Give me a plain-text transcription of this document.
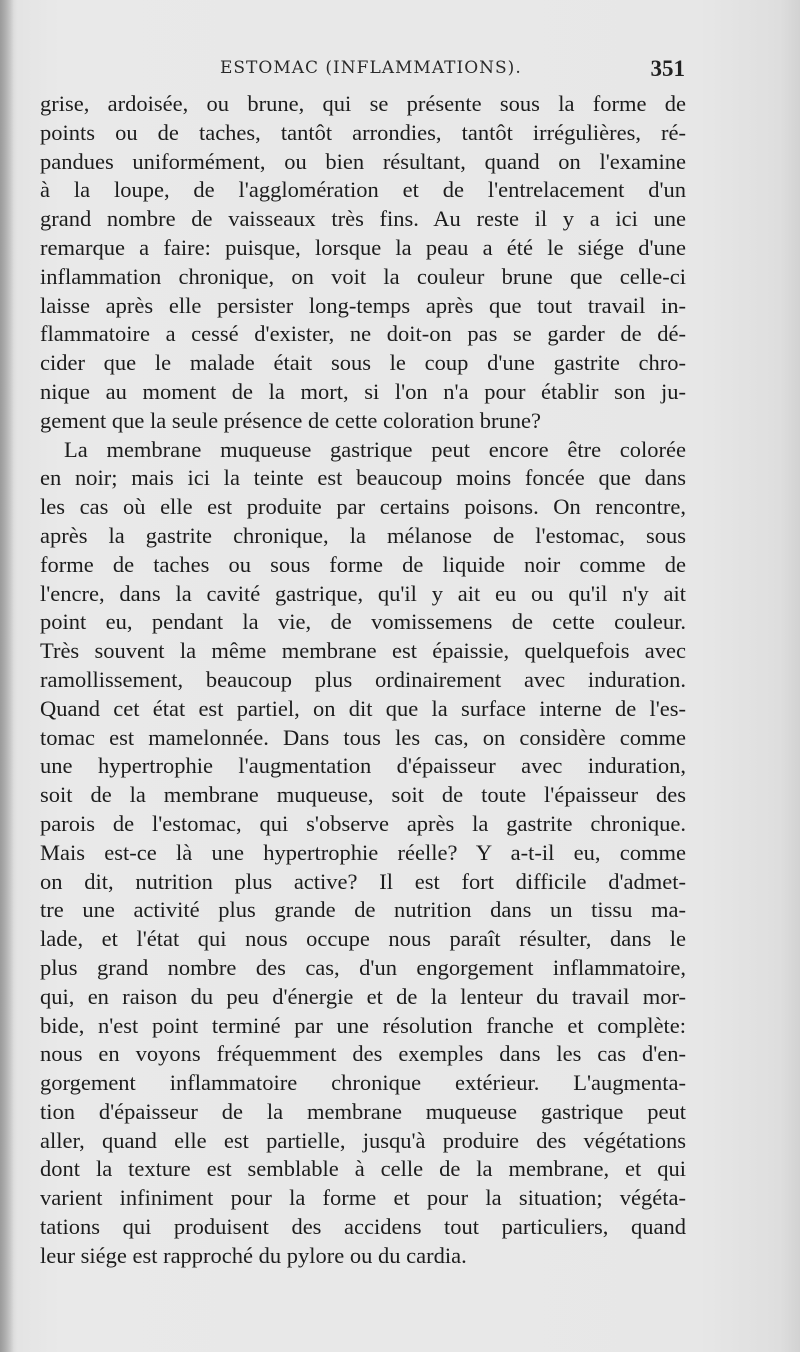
ESTOMAC (INFLAMMATIONS).	351
grise, ardoisée, ou brune, qui se présente sous la forme de
points ou de taches, tantôt arrondies, tantôt irrégulières, ré-
pandues uniformément, ou bien résultant, quand on l'examine
à la loupe, de l'agglomération et de l'entrelacement d'un
grand nombre de vaisseaux très fins. Au reste il y a ici une
remarque a faire: puisque, lorsque la peau a été le siége d'une
inflammation chronique, on voit la couleur brune que celle-ci
laisse après elle persister long-temps après que tout travail in-
flammatoire a cessé d'exister, ne doit-on pas se garder de dé-
cider que le malade était sous le coup d'une gastrite chro-
nique au moment de la mort, si l'on n'a pour établir son ju-
gement que la seule présence de cette coloration brune?
La membrane muqueuse gastrique peut encore être colorée
en noir; mais ici la teinte est beaucoup moins foncée que dans
les cas où elle est produite par certains poisons. On rencontre,
après la gastrite chronique, la mélanose de l'estomac, sous
forme de taches ou sous forme de liquide noir comme de
l'encre, dans la cavité gastrique, qu'il y ait eu ou qu'il n'y ait
point eu, pendant la vie, de vomissemens de cette couleur.
Très souvent la même membrane est épaissie, quelquefois avec
ramollissement, beaucoup plus ordinairement avec induration.
Quand cet état est partiel, on dit que la surface interne de l'es-
tomac est mamelonnée. Dans tous les cas, on considère comme
une hypertrophie l'augmentation d'épaisseur avec induration,
soit de la membrane muqueuse, soit de toute l'épaisseur des
parois de l'estomac, qui s'observe après la gastrite chronique.
Mais est-ce là une hypertrophie réelle? Y a-t-il eu, comme
on dit, nutrition plus active? Il est fort difficile d'admet-
tre une activité plus grande de nutrition dans un tissu ma-
lade, et l'état qui nous occupe nous paraît résulter, dans le
plus grand nombre des cas, d'un engorgement inflammatoire,
qui, en raison du peu d'énergie et de la lenteur du travail mor-
bide, n'est point terminé par une résolution franche et complète:
nous en voyons fréquemment des exemples dans les cas d'en-
gorgement inflammatoire chronique extérieur. L'augmenta-
tion d'épaisseur de la membrane muqueuse gastrique peut
aller, quand elle est partielle, jusqu'à produire des végétations
dont la texture est semblable à celle de la membrane, et qui
varient infiniment pour la forme et pour la situation; végéta-
tations qui produisent des accidens tout particuliers, quand
leur siége est rapproché du pylore ou du cardia.
